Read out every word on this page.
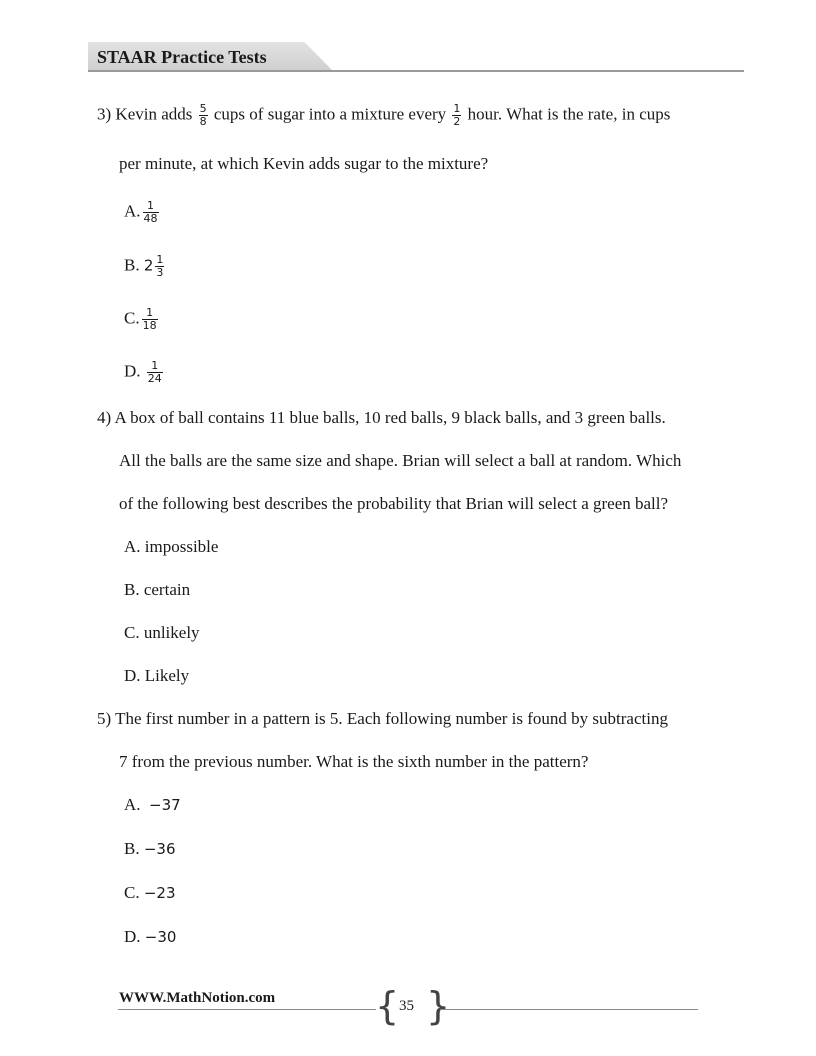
STAAR Practice Tests
3) Kevin adds $\frac{5}{8}$ cups of sugar into a mixture every $\frac{1}{2}$ hour. What is the rate, in cups
per minute, at which Kevin adds sugar to the mixture?
A. $\frac{1}{48}$
B. $2 \frac{1}{3}$
C. $\frac{1}{18}$
D. $\frac{1}{24}$
4) A box of ball contains 11 blue balls, 10 red balls, 9 black balls, and 3 green balls.
All the balls are the same size and shape. Brian will select a ball at random. Which
of the following best describes the probability that Brian will select a green ball?
A. impossible
B. certain
C. unlikely
D. Likely
5) The first number in a pattern is 5. Each following number is found by subtracting
7 from the previous number. What is the sixth number in the pattern?
A. −37
B. −36
C. −23
D. −30
WWW.MathNotion.com	{ 35 }
